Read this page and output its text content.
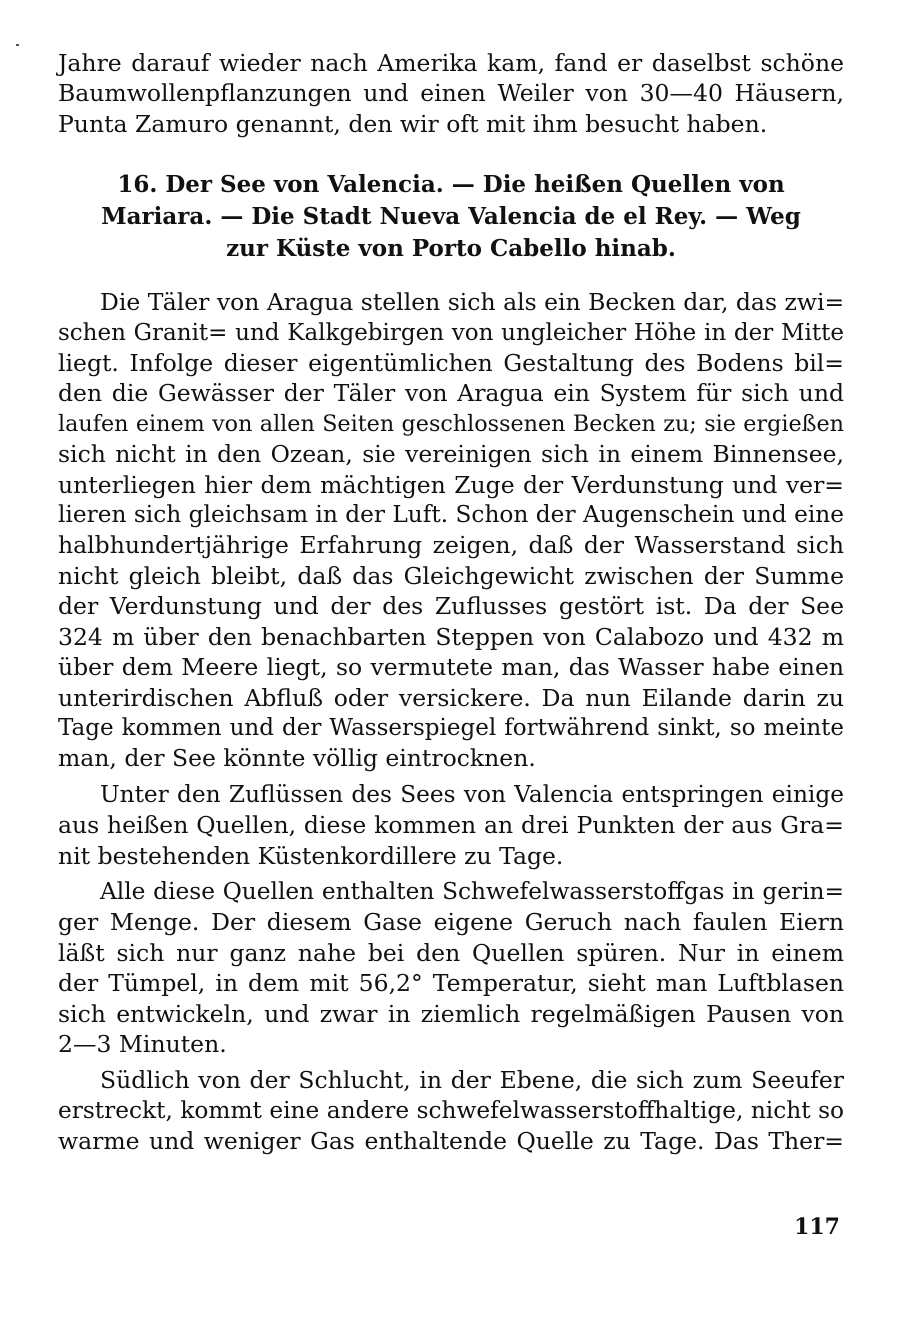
Jahre darauf wieder nach Amerika kam, fand er daselbst schöne
Baumwollenpflanzungen und einen Weiler von 30—40 Häusern,
Punta Zamuro genannt, den wir oft mit ihm besucht haben.
16. Der See von Valencia. — Die heißen Quellen von
Mariara. — Die Stadt Nueva Valencia de el Rey. — Weg
zur Küste von Porto Cabello hinab.
Die Täler von Aragua stellen sich als ein Becken dar, das zwi=
schen Granit= und Kalkgebirgen von ungleicher Höhe in der Mitte
liegt. Infolge dieser eigentümlichen Gestaltung des Bodens bil=
den die Gewässer der Täler von Aragua ein System für sich und
laufen einem von allen Seiten geschlossenen Becken zu; sie ergießen
sich nicht in den Ozean, sie vereinigen sich in einem Binnensee,
unterliegen hier dem mächtigen Zuge der Verdunstung und ver=
lieren sich gleichsam in der Luft. Schon der Augenschein und eine
halbhundertjährige Erfahrung zeigen, daß der Wasserstand sich
nicht gleich bleibt, daß das Gleichgewicht zwischen der Summe
der Verdunstung und der des Zuflusses gestört ist. Da der See
324 m über den benachbarten Steppen von Calabozo und 432 m
über dem Meere liegt, so vermutete man, das Wasser habe einen
unterirdischen Abfluß oder versickere. Da nun Eilande darin zu
Tage kommen und der Wasserspiegel fortwährend sinkt, so meinte
man, der See könnte völlig eintrocknen.
Unter den Zuflüssen des Sees von Valencia entspringen einige
aus heißen Quellen, diese kommen an drei Punkten der aus Gra=
nit bestehenden Küstenkordillere zu Tage.
Alle diese Quellen enthalten Schwefelwasserstoffgas in gerin=
ger Menge. Der diesem Gase eigene Geruch nach faulen Eiern
läßt sich nur ganz nahe bei den Quellen spüren. Nur in einem
der Tümpel, in dem mit 56,2° Temperatur, sieht man Luftblasen
sich entwickeln, und zwar in ziemlich regelmäßigen Pausen von
2—3 Minuten.
Südlich von der Schlucht, in der Ebene, die sich zum Seeufer
erstreckt, kommt eine andere schwefelwasserstoffhaltige, nicht so
warme und weniger Gas enthaltende Quelle zu Tage. Das Ther=
117
